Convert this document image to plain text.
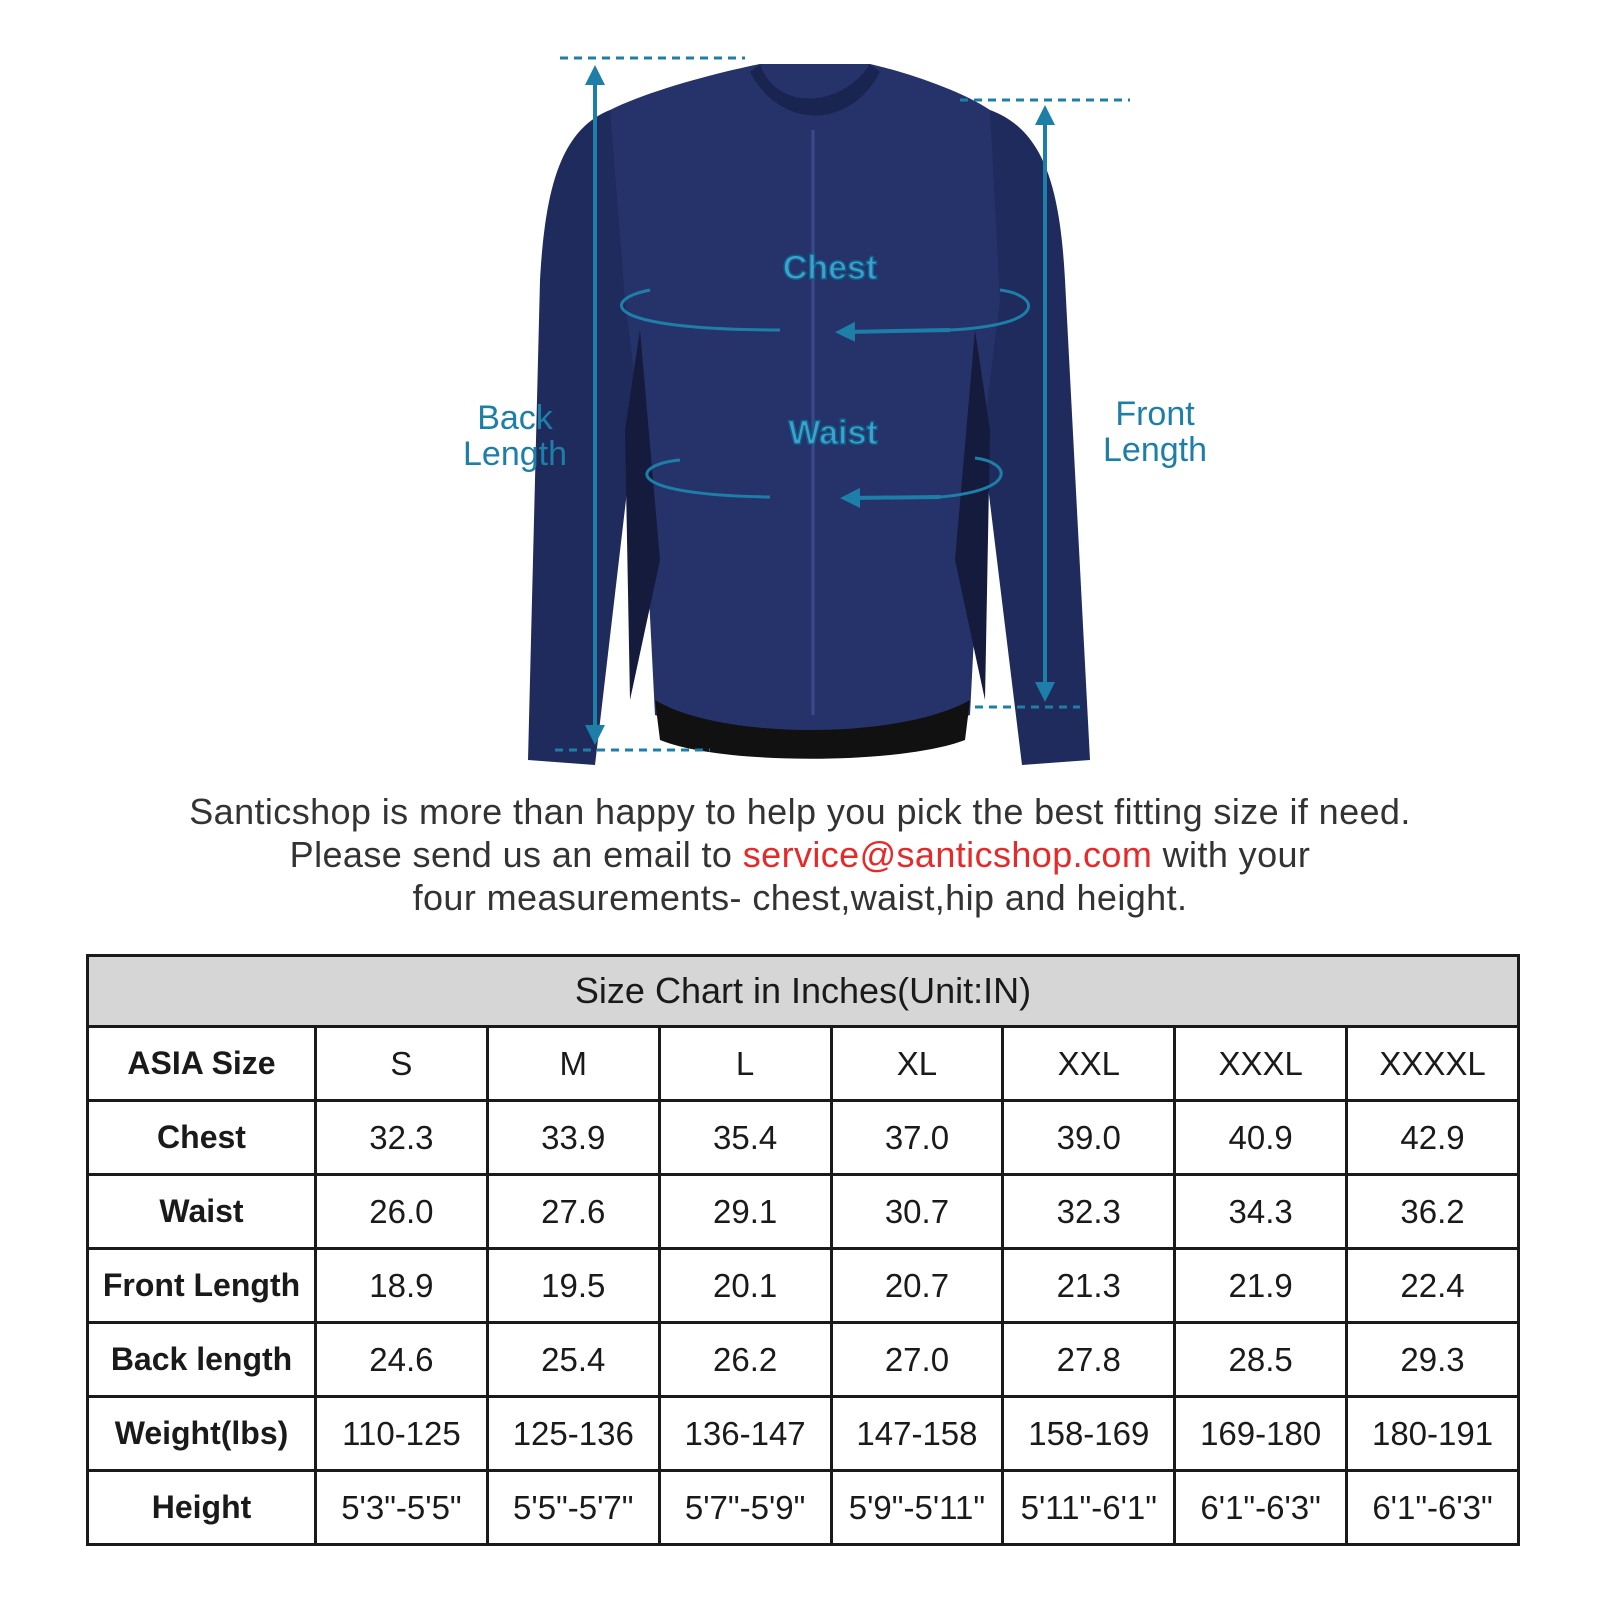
Chest
Waist
Back
Length
Front
Length
Santicshop is more than happy to help you pick the best fitting size if need.
Please send us an email to service@santicshop.com with your
four measurements- chest,waist,hip and height.
Size Chart in Inches(Unit:IN)							
ASIA Size	S	M	L	XL	XXL	XXXL	XXXXL
Chest	32.3	33.9	35.4	37.0	39.0	40.9	42.9
Waist	26.0	27.6	29.1	30.7	32.3	34.3	36.2
Front Length	18.9	19.5	20.1	20.7	21.3	21.9	22.4
Back length	24.6	25.4	26.2	27.0	27.8	28.5	29.3
Weight(lbs)	110-125	125-136	136-147	147-158	158-169	169-180	180-191
Height	5'3"-5'5"	5'5"-5'7"	5'7"-5'9"	5'9"-5'11"	5'11"-6'1"	6'1"-6'3"	6'1"-6'3"
